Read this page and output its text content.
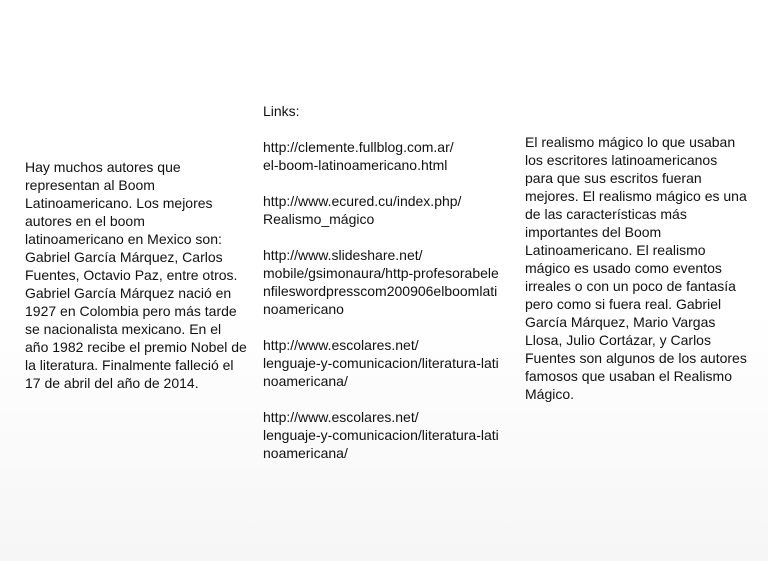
Hay muchos autores que representan al Boom Latinoamericano. Los mejores autores en el boom latinoamericano en Mexico son: Gabriel García Márquez, Carlos Fuentes, Octavio Paz, entre otros. Gabriel García Márquez nació en 1927 en Colombia pero más tarde se nacionalista mexicano. En el año 1982 recibe el premio Nobel de la literatura. Finalmente falleció el 17 de abril del año de 2014.

Links:
http://clemente.fullblog.com.ar/
el-boom-latinoamericano.html
http://www.ecured.cu/index.php/
Realismo_mágico
http://www.slideshare.net/
mobile/gsimonaura/http-profesorabelenfileswordpresscom200906elboomlatinoamericano
http://www.escolares.net/
lenguaje-y-comunicacion/literatura-latinoamericana/
http://www.escolares.net/
lenguaje-y-comunicacion/literatura-latinoamericana/

El realismo mágico lo que usaban los escritores latinoamericanos para que sus escritos fueran mejores. El realismo mágico es una de las características más importantes del Boom Latinoamericano. El realismo mágico es usado como eventos irreales o con un poco de fantasía pero como si fuera real. Gabriel García Márquez, Mario Vargas Llosa, Julio Cortázar, y Carlos Fuentes son algunos de los autores famosos que usaban el Realismo Mágico.
